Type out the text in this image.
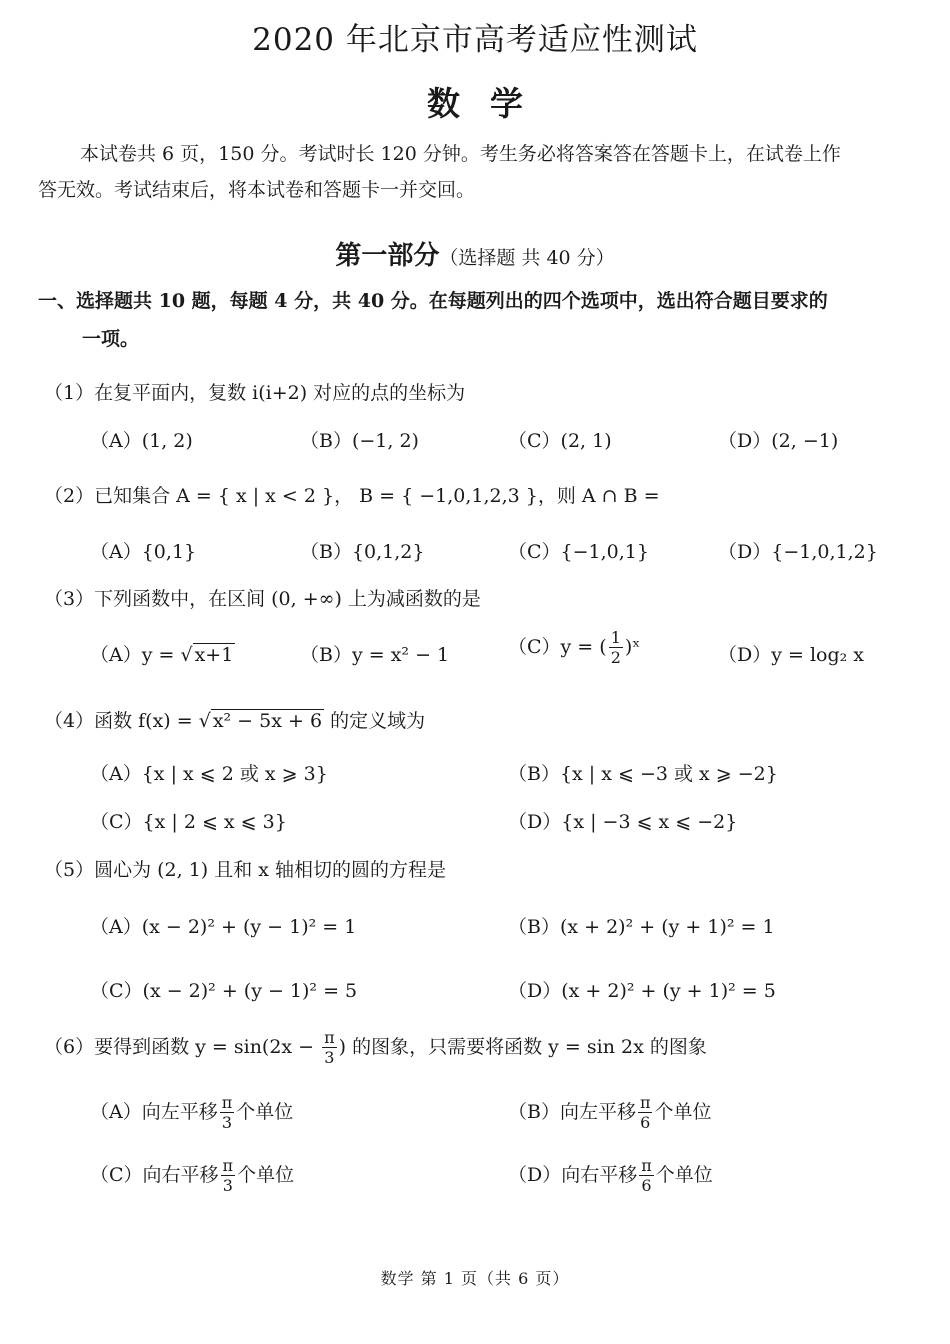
2020 年北京市高考适应性测试
数学
本试卷共 6 页，150 分。考试时长 120 分钟。考生务必将答案答在答题卡上，在试卷上作
答无效。考试结束后，将本试卷和答题卡一并交回。
第一部分（选择题 共 40 分）
一、选择题共 10 题，每题 4 分，共 40 分。在每题列出的四个选项中，选出符合题目要求的
一项。
（1）在复平面内，复数 i(i+2) 对应的点的坐标为
（A）(1, 2)	（B）(−1, 2)	（C）(2, 1)	（D）(2, −1)
（2）已知集合 A = { x | x < 2 }， B = { −1,0,1,2,3 }，则 A ∩ B =
（A）{0,1}	（B）{0,1,2}	（C）{−1,0,1}	（D）{−1,0,1,2}
（3）下列函数中，在区间 (0, +∞) 上为减函数的是
（A）y = √ x+1	（B）y = x² − 1	（C）y = ( $\frac{1}{2}$ )ˣ	（D）y = log₂ x
（4）函数 f(x) = √ x² − 5x + 6 的定义域为
（A）{x | x ⩽ 2 或 x ⩾ 3}	（B）{x | x ⩽ −3 或 x ⩾ −2}
（C）{x | 2 ⩽ x ⩽ 3}	（D）{x | −3 ⩽ x ⩽ −2}
（5）圆心为 (2, 1) 且和 x 轴相切的圆的方程是
（A）(x − 2)² + (y − 1)² = 1	（B）(x + 2)² + (y + 1)² = 1
（C）(x − 2)² + (y − 1)² = 5	（D）(x + 2)² + (y + 1)² = 5
（6）要得到函数 $y = \sin(2x - \frac{\pi}{3}$ ) 的图象，只需要将函数 y = sin 2x 的图象
（A）向左平移 $\frac{\pi}{3}$ 个单位	（B）向左平移 $\frac{\pi}{6}$ 个单位
（C）向右平移 $\frac{\pi}{3}$ 个单位	（D）向右平移 $\frac{\pi}{6}$ 个单位
数学 第 1 页（共 6 页）
